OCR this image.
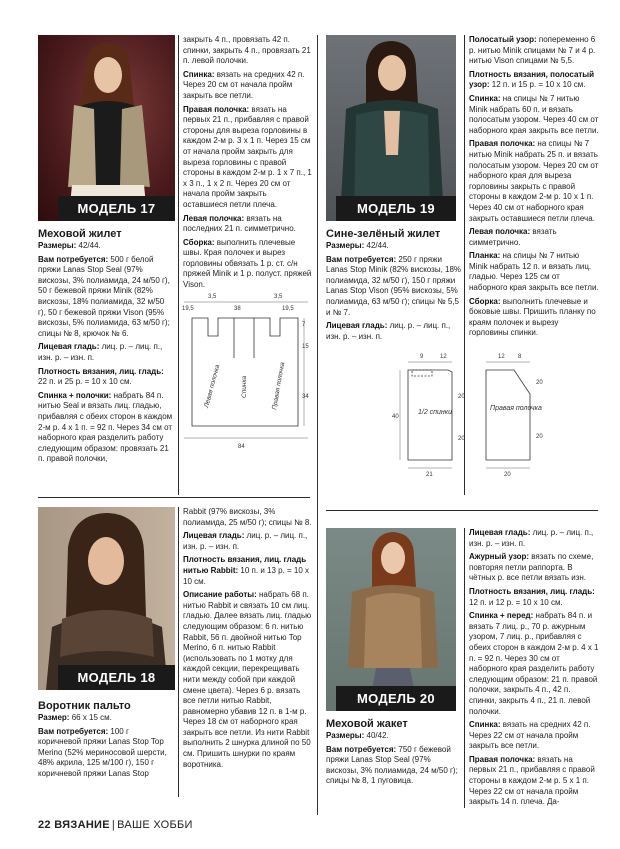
МОДЕЛЬ 17	МОДЕЛЬ 19
МОДЕЛЬ 18
МОДЕЛЬ 20
Меховой жилет

Размеры: 42/44.

Вам потребуется: 500 г белой пряжи Lanas Stop Seal (97% вискозы, 3% полиамида, 24 м/50 г), 50 г бежевой пряжи Minik (82% вискозы, 18% полиамида, 32 м/50 г), 50 г бежевой пряжи Vison (95% вискозы, 5% полиамида, 63 м/50 г); спицы № 8, крючок № 6.

Лицевая гладь: лиц. р. – лиц. п., изн. р. – изн. п.

Плотность вязания, лиц. гладь: 22 п. и 25 р. = 10 х 10 см.

Спинка + полочки: набрать 84 п. нитью Seal и вязать лиц. гладью, прибавляя с обеих сторон в каждом 2-м р. 4 х 1 п. = 92 п. Через 34 см от наборного края разделить работу следующим образом: провязать 21 п. правой полочки,

закрыть 4 п., провязать 42 п. спинки, закрыть 4 п., провязать 21 п. левой полочки.

Спинка: вязать на средних 42 п. Через 20 см от начала пройм закрыть все петли.

Правая полочка: вязать на первых 21 п., прибавляя с правой стороны для выреза горловины в каждом 2-м р. 3 х 1 п. Через 15 см от начала пройм закрыть для выреза горловины с правой стороны в каждом 2-м р. 1 х 7 п., 1 х 3 п., 1 х 2 п. Через 20 см от начала пройм закрыть оставшиеся петли плеча.

Левая полочка: вязать на последних 21 п. симметрично.

Сборка: выполнить плечевые швы. Края полочек и вырез горловины обвязать 1 р. ст. с/н пряжей Minik и 1 р. полуст. пряжей Vison.

3,5	3,5
19,5	38	19,5
7
15
34
84
Левая полочка	Спинка	Правая полочка
Сине-зелёный жилет

Размеры: 42/44.

Вам потребуется: 250 г пряжи Lanas Stop Minik (82% вискозы, 18% полиамида, 32 м/50 г), 150 г пряжи Lanas Stop Vison (95% вискозы, 5% полиамида, 63 м/50 г); спицы № 5,5 и № 7.

Лицевая гладь: лиц. р. – лиц. п., изн. р. – изн. п.

Полосатый узор: попеременно 6 р. нитью Minik спицами № 7 и 4 р. нитью Vison спицами № 5,5.

Плотность вязания, полосатый узор: 12 п. и 15 р. = 10 х 10 см.

Спинка: на спицы № 7 нитью Minik набрать 60 п. и вязать полосатым узором. Через 40 см от наборного края закрыть все петли.

Правая полочка: на спицы № 7 нитью Minik набрать 25 п. и вязать полосатым узором. Через 20 см от наборного края для выреза горловины закрыть с правой стороны в каждом 2-м р. 10 х 1 п. Через 40 см от наборного края закрыть оставшиеся петли плеча.

Левая полочка: вязать симметрично.

Планка: на спицы № 7 нитью Minik набрать 12 п. и вязать лиц. гладью. Через 125 см от наборного края закрыть все петли.

Сборка: выполнить плечевые и боковые швы. Пришить планку по краям полочек и вырезу горловины спинки.

9	12
40
20
20
21
12 8
20
20
20
1/2 спинки
Правая полочка
Воротник пальто

Размер: 66 х 15 см.

Вам потребуется: 100 г коричневой пряжи Lanas Stop Top Merino (52% мериносовой шерсти, 48% акрила, 125 м/100 г), 150 г коричневой пряжи Lanas Stop

Rabbit (97% вискозы, 3% полиамида, 25 м/50 г); спицы № 8.

Лицевая гладь: лиц. р. – лиц. п., изн. р. – изн. п.

Плотность вязания, лиц. гладь нитью Rabbit: 10 п. и 13 р. = 10 х 10 см.

Описание работы: набрать 68 п. нитью Rabbit и связать 10 см лиц. гладью. Далее вязать лиц. гладью следующим образом: 6 п. нитью Rabbit, 56 п. двойной нитью Top Merino, 6 п. нитью Rabbit (использовать по 1 мотку для каждой секции, перекрещивать нити между собой при каждой смене цвета). Через 6 р. вязать все петли нитью Rabbit, равномерно убавив 12 п. в 1-м р. Через 18 см от наборного края закрыть все петли. Из нити Rabbit выполнить 2 шнурка длиной по 50 см. Пришить шнурки по краям воротника.

Меховой жакет

Размеры: 40/42.

Вам потребуется: 750 г бежевой пряжи Lanas Stop Seal (97% вискозы, 3% полиамида, 24 м/50 г); спицы № 8, 1 пуговица.

Лицевая гладь: лиц. р. – лиц. п., изн. р. – изн. п.

Ажурный узор: вязать по схеме, повторяя петли раппорта. В чётных р. все петли вязать изн.

Плотность вязания, лиц. гладь: 12 п. и 12 р. = 10 х 10 см.

Спинка + перед: набрать 84 п. и вязать 7 лиц. р., 70 р. ажурным узором, 7 лиц. р., прибавляя с обеих сторон в каждом 2-м р. 4 х 1 п. = 92 п. Через 30 см от наборного края разделить работу следующим образом: 21 п. правой полочки, закрыть 4 п., 42 п. спинки, закрыть 4 п., 21 п. левой полочки.

Спинка: вязать на средних 42 п. Через 22 см от начала пройм закрыть все петли.

Правая полочка: вязать на первых 21 п., прибавляя с правой стороны в каждом 2-м р. 5 х 1 п. Через 22 см от начала пройм закрыть 14 п. плеча. Да-

22 ВЯЗАНИЕ | ВАШЕ ХОББИ
